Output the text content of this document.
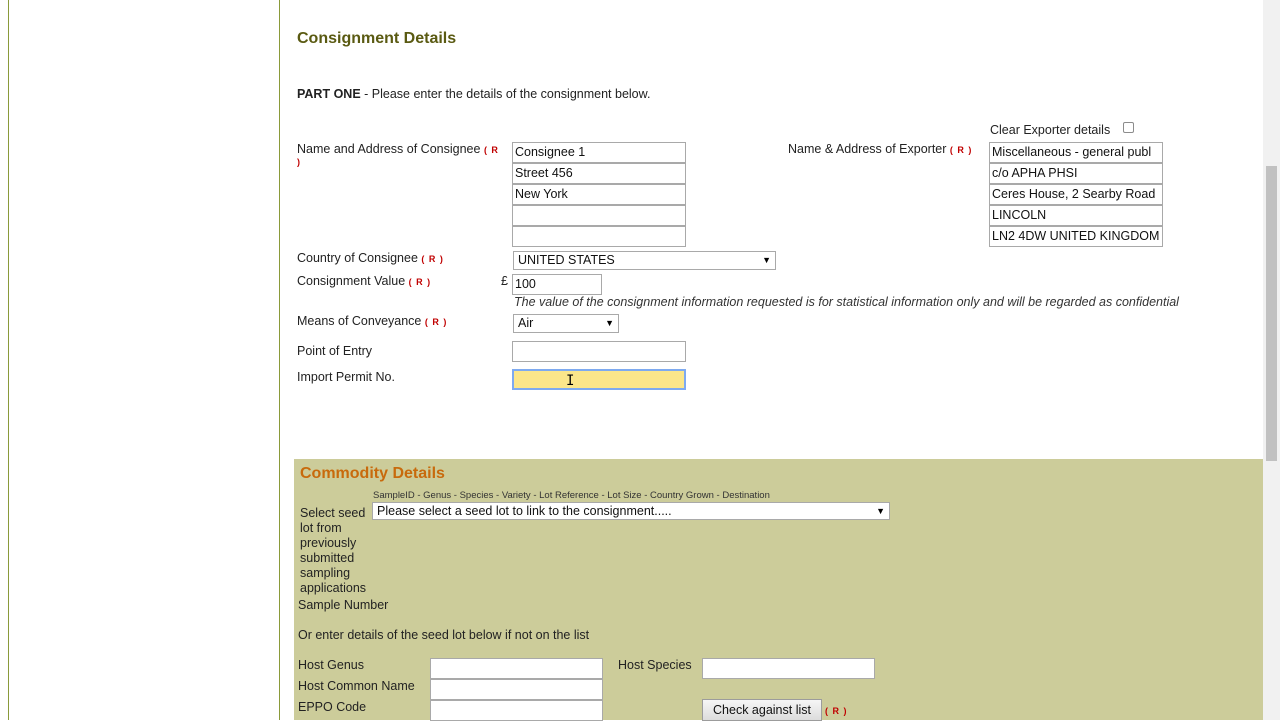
Consignment Details
PART ONE - Please enter the details of the consignment below.
Name and Address of Consignee ( R
)
Consignee 1
Street 456
New York
Clear Exporter details
Name & Address of Exporter ( R ) Miscellaneous - general publ
c/o APHA PHSI
Ceres House, 2 Searby Road
LINCOLN
LN2 4DW UNITED KINGDOM
Country of Consignee ( R )	UNITED STATES	▼
Consignment Value ( R )	£ 100
The value of the consignment information requested is for statistical information only and will be regarded as confidential
Means of Conveyance ( R )	Air	▼
Point of Entry
Import Permit No.	I
Commodity Details
SampleID - Genus - Species - Variety - Lot Reference - Lot Size - Country Grown - Destination
Select seed
lot from
previously
submitted
sampling
applications
Please select a seed lot to link to the consignment.....	▼
Sample Number
Or enter details of the seed lot below if not on the list
Host Genus	Host Species
Host Common Name
EPPO Code	Check against list	( R )
